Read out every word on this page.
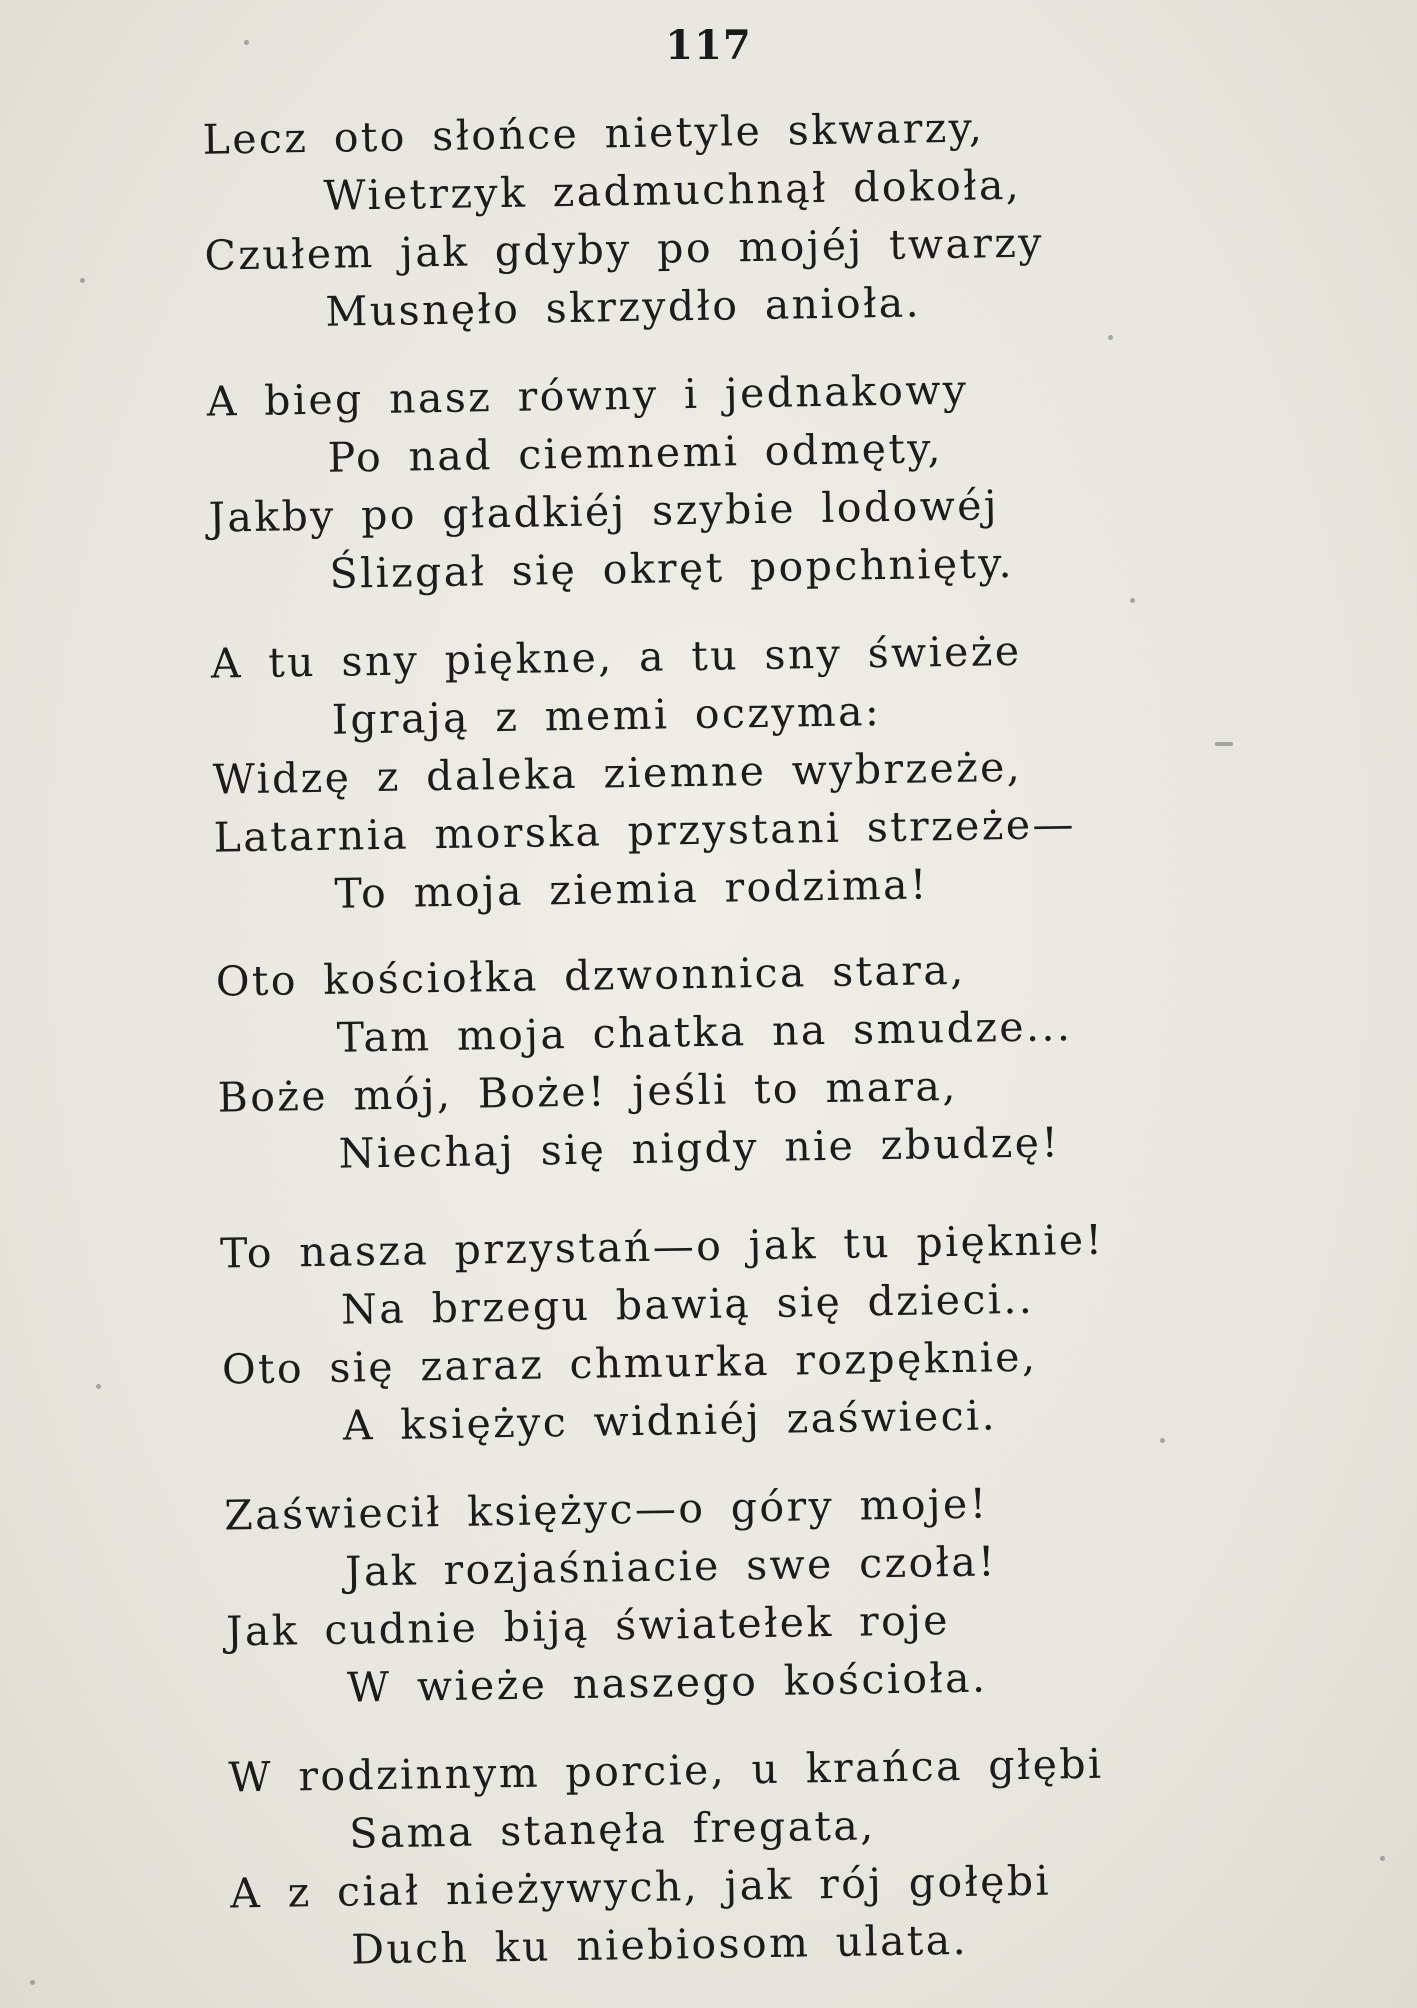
117
Lecz oto słońce nietyle skwarzy,
Wietrzyk zadmuchnął dokoła,
Czułem jak gdyby po mojéj twarzy
Musnęło skrzydło anioła.
A bieg nasz równy i jednakowy
Po nad ciemnemi odmęty,
Jakby po gładkiéj szybie lodowéj
Ślizgał się okręt popchnięty.
A tu sny piękne, a tu sny świeże
Igrają z memi oczyma:
Widzę z daleka ziemne wybrzeże,
Latarnia morska przystani strzeże—
To moja ziemia rodzima!
Oto kościołka dzwonnica stara,
Tam moja chatka na smudze...
Boże mój, Boże! jeśli to mara,
Niechaj się nigdy nie zbudzę!
To nasza przystań—o jak tu pięknie!
Na brzegu bawią się dzieci..
Oto się zaraz chmurka rozpęknie,
A księżyc widniéj zaświeci.
Zaświecił księżyc—o góry moje!
Jak rozjaśniacie swe czoła!
Jak cudnie biją światełek roje
W wieże naszego kościoła.
W rodzinnym porcie, u krańca głębi
Sama stanęła fregata,
A z ciał nieżywych, jak rój gołębi
Duch ku niebiosom ulata.
